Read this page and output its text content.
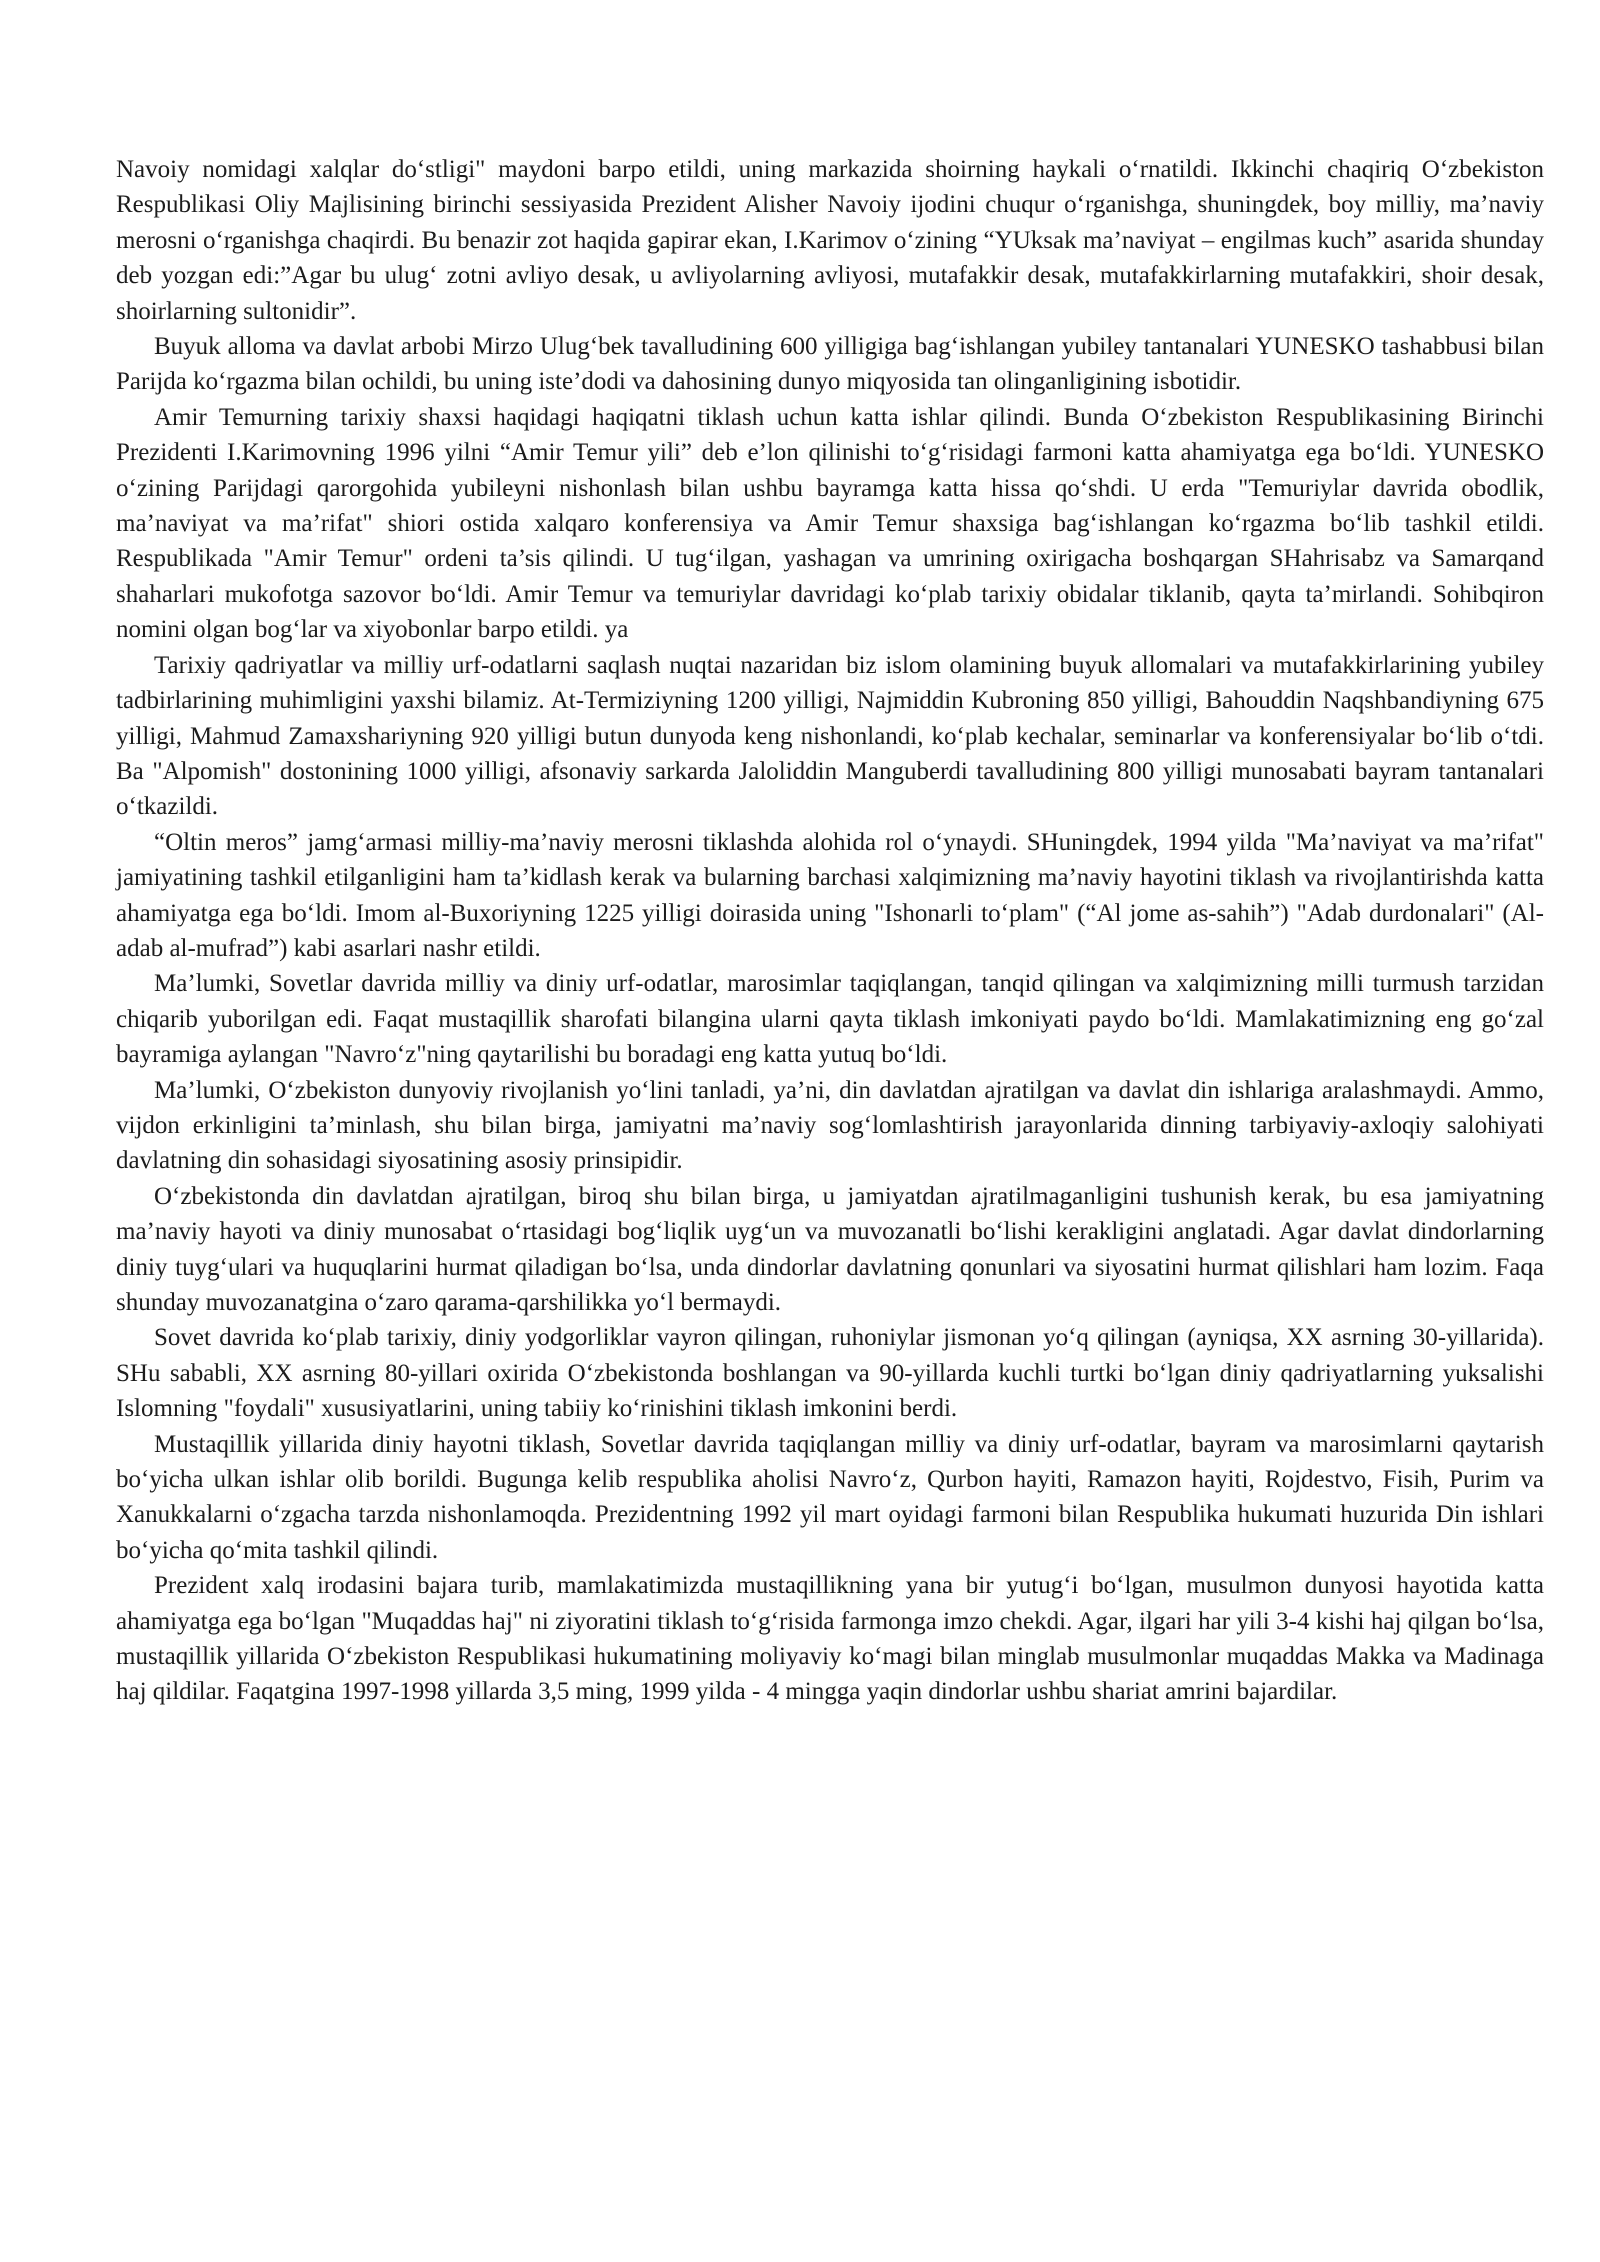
Navoiy nomidagi xalqlar do‘stligi" maydoni barpo etildi, uning markazida shoirning haykali o‘rnatildi. Ikkinchi chaqiriq O‘zbekiston Respublikasi Oliy Majlisining birinchi sessiyasida Prezident Alisher Navoiy ijodini chuqur o‘rganishga, shuningdek, boy milliy, ma’naviy merosni o‘rganishga chaqirdi. Bu benazir zot haqida gapirar ekan, I.Karimov o‘zining “YUksak ma’naviyat – engilmas kuch” asarida shunday deb yozgan edi:”Agar bu ulug‘ zotni avliyo desak, u avliyolarning avliyosi, mutafakkir desak, mutafakkirlarning mutafakkiri, shoir desak, shoirlarning sultonidir”.

Buyuk alloma va davlat arbobi Mirzo Ulug‘bek tavalludining 600 yilligiga bag‘ishlangan yubiley tantanalari YUNESKO tashabbusi bilan Parijda ko‘rgazma bilan ochildi, bu uning iste’dodi va dahosining dunyo miqyosida tan olinganligining isbotidir.

Amir Temurning tarixiy shaxsi haqidagi haqiqatni tiklash uchun katta ishlar qilindi. Bunda O‘zbekiston Respublikasining Birinchi Prezidenti I.Karimovning 1996 yilni “Amir Temur yili” deb e’lon qilinishi to‘g‘risidagi farmoni katta ahamiyatga ega bo‘ldi. YUNESKO o‘zining Parijdagi qarorgohida yubileyni nishonlash bilan ushbu bayramga katta hissa qo‘shdi. U erda "Temuriylar davrida obodlik, ma’naviyat va ma’rifat" shiori ostida xalqaro konferensiya va Amir Temur shaxsiga bag‘ishlangan ko‘rgazma bo‘lib tashkil etildi. Respublikada "Amir Temur" ordeni ta’sis qilindi. U tug‘ilgan, yashagan va umrining oxirigacha boshqargan SHahrisabz va Samarqand shaharlari mukofotga sazovor bo‘ldi. Amir Temur va temuriylar davridagi ko‘plab tarixiy obidalar tiklanib, qayta ta’mirlandi. Sohibqiron nomini olgan bog‘lar va xiyobonlar barpo etildi. ya

Tarixiy qadriyatlar va milliy urf-odatlarni saqlash nuqtai nazaridan biz islom olamining buyuk allomalari va mutafakkirlarining yubiley tadbirlarining muhimligini yaxshi bilamiz. At-Termiziyning 1200 yilligi, Najmiddin Kubroning 850 yilligi, Bahouddin Naqshbandiyning 675 yilligi, Mahmud Zamaxshariyning 920 yilligi butun dunyoda keng nishonlandi, ko‘plab kechalar, seminarlar va konferensiyalar bo‘lib o‘tdi. Ba "Alpomish" dostonining 1000 yilligi, afsonaviy sarkarda Jaloliddin Manguberdi tavalludining 800 yilligi munosabati bayram tantanalari o‘tkazildi.

“Oltin meros” jamg‘armasi milliy-ma’naviy merosni tiklashda alohida rol o‘ynaydi. SHuningdek, 1994 yilda "Ma’naviyat va ma’rifat" jamiyatining tashkil etilganligini ham ta’kidlash kerak va bularning barchasi xalqimizning ma’naviy hayotini tiklash va rivojlantirishda katta ahamiyatga ega bo‘ldi. Imom al-Buxoriyning 1225 yilligi doirasida uning "Ishonarli to‘plam" (“Al jome as-sahih”) "Adab durdonalari" (Al-adab al-mufrad”) kabi asarlari nashr etildi.

Ma’lumki, Sovetlar davrida milliy va diniy urf-odatlar, marosimlar taqiqlangan, tanqid qilingan va xalqimizning milli turmush tarzidan chiqarib yuborilgan edi. Faqat mustaqillik sharofati bilangina ularni qayta tiklash imkoniyati paydo bo‘ldi. Mamlakatimizning eng go‘zal bayramiga aylangan "Navro‘z"ning qaytarilishi bu boradagi eng katta yutuq bo‘ldi.

Ma’lumki, O‘zbekiston dunyoviy rivojlanish yo‘lini tanladi, ya’ni, din davlatdan ajratilgan va davlat din ishlariga aralashmaydi. Ammo, vijdon erkinligini ta’minlash, shu bilan birga, jamiyatni ma’naviy sog‘lomlashtirish jarayonlarida dinning tarbiyaviy-axloqiy salohiyati davlatning din sohasidagi siyosatining asosiy prinsipidir.

O‘zbekistonda din davlatdan ajratilgan, biroq shu bilan birga, u jamiyatdan ajratilmaganligini tushunish kerak, bu esa jamiyatning ma’naviy hayoti va diniy munosabat o‘rtasidagi bog‘liqlik uyg‘un va muvozanatli bo‘lishi kerakligini anglatadi. Agar davlat dindorlarning diniy tuyg‘ulari va huquqlarini hurmat qiladigan bo‘lsa, unda dindorlar davlatning qonunlari va siyosatini hurmat qilishlari ham lozim. Faqa shunday muvozanatgina o‘zaro qarama-qarshilikka yo‘l bermaydi.

Sovet davrida ko‘plab tarixiy, diniy yodgorliklar vayron qilingan, ruhoniylar jismonan yo‘q qilingan (ayniqsa, XX asrning 30-yillarida). SHu sababli, XX asrning 80-yillari oxirida O‘zbekistonda boshlangan va 90-yillarda kuchli turtki bo‘lgan diniy qadriyatlarning yuksalishi Islomning "foydali" xususiyatlarini, uning tabiiy ko‘rinishini tiklash imkonini berdi.

Mustaqillik yillarida diniy hayotni tiklash, Sovetlar davrida taqiqlangan milliy va diniy urf-odatlar, bayram va marosimlarni qaytarish bo‘yicha ulkan ishlar olib borildi. Bugunga kelib respublika aholisi Navro‘z, Qurbon hayiti, Ramazon hayiti, Rojdestvo, Fisih, Purim va Xanukkalarni o‘zgacha tarzda nishonlamoqda. Prezidentning 1992 yil mart oyidagi farmoni bilan Respublika hukumati huzurida Din ishlari bo‘yicha qo‘mita tashkil qilindi.

Prezident xalq irodasini bajara turib, mamlakatimizda mustaqillikning yana bir yutug‘i bo‘lgan, musulmon dunyosi hayotida katta ahamiyatga ega bo‘lgan "Muqaddas haj" ni ziyoratini tiklash to‘g‘risida farmonga imzo chekdi. Agar, ilgari har yili 3-4 kishi haj qilgan bo‘lsa, mustaqillik yillarida O‘zbekiston Respublikasi hukumatining moliyaviy ko‘magi bilan minglab musulmonlar muqaddas Makka va Madinaga haj qildilar. Faqatgina 1997-1998 yillarda 3,5 ming, 1999 yilda - 4 mingga yaqin dindorlar ushbu shariat amrini bajardilar.
